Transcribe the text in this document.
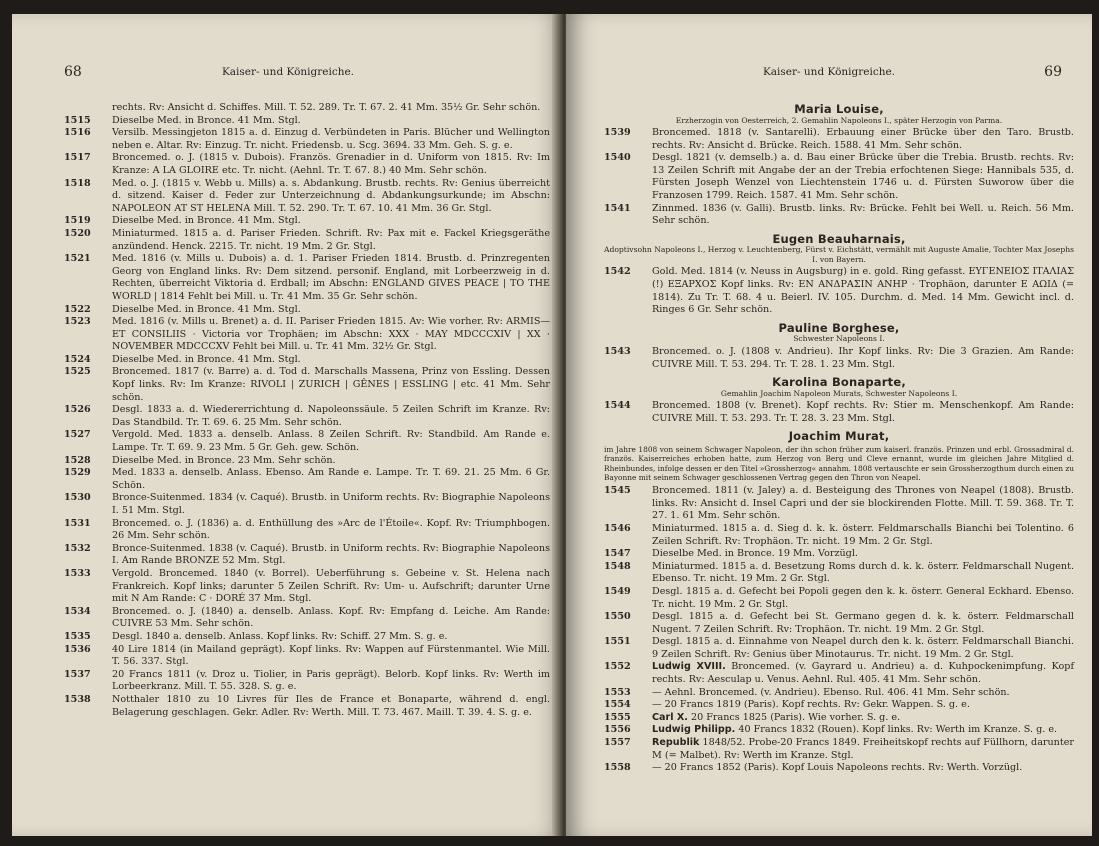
68	Kaiser- und Königreiche.
rechts. Rv: Ansicht d. Schiffes. Mill. T. 52. 289. Tr. T. 67. 2. 41 Mm. 35½ Gr. Sehr schön.
1515	Dieselbe Med. in Bronce. 41 Mm. Stgl.
1516	Versilb. Messingjeton 1815 a. d. Einzug d. Verbündeten in Paris. Blücher und Wellington neben e. Altar. Rv: Einzug. Tr. nicht. Friedensb. u. Scg. 3694. 33 Mm. Geh. S. g. e.
1517	Broncemed. o. J. (1815 v. Dubois). Französ. Grenadier in d. Uniform von 1815. Rv: Im Kranze: A LA GLOIRE etc. Tr. nicht. (Aehnl. Tr. T. 67. 8.) 40 Mm. Sehr schön.
1518	Med. o. J. (1815 v. Webb u. Mills) a. s. Abdankung. Brustb. rechts. Rv: Genius überreicht d. sitzend. Kaiser d. Feder zur Unterzeichnung d. Abdankungsurkunde; im Abschn: NAPOLEON AT ST HELENA Mill. T. 52. 290. Tr. T. 67. 10. 41 Mm. 36 Gr. Stgl.
1519	Dieselbe Med. in Bronce. 41 Mm. Stgl.
1520	Miniaturmed. 1815 a. d. Pariser Frieden. Schrift. Rv: Pax mit e. Fackel Kriegsgeräthe anzündend. Henck. 2215. Tr. nicht. 19 Mm. 2 Gr. Stgl.
1521	Med. 1816 (v. Mills u. Dubois) a. d. 1. Pariser Frieden 1814. Brustb. d. Prinzregenten Georg von England links. Rv: Dem sitzend. personif. England, mit Lorbeerzweig in d. Rechten, überreicht Viktoria d. Erdball; im Abschn: ENGLAND GIVES PEACE | TO THE WORLD | 1814 Fehlt bei Mill. u. Tr. 41 Mm. 35 Gr. Sehr schön.
1522	Dieselbe Med. in Bronce. 41 Mm. Stgl.
1523	Med. 1816 (v. Mills u. Brenet) a. d. II. Pariser Frieden 1815. Av: Wie vorher. Rv: ARMIS—ET CONSILIIS · Victoria vor Trophäen; im Abschn: XXX · MAY MDCCCXIV | XX · NOVEMBER MDCCCXV Fehlt bei Mill. u. Tr. 41 Mm. 32½ Gr. Stgl.
1524	Dieselbe Med. in Bronce. 41 Mm. Stgl.
1525	Broncemed. 1817 (v. Barre) a. d. Tod d. Marschalls Massena, Prinz von Essling. Dessen Kopf links. Rv: Im Kranze: RIVOLI | ZURICH | GÊNES | ESSLING | etc. 41 Mm. Sehr schön.
1526	Desgl. 1833 a. d. Wiedererrichtung d. Napoleonssäule. 5 Zeilen Schrift im Kranze. Rv: Das Standbild. Tr. T. 69. 6. 25 Mm. Sehr schön.
1527	Vergold. Med. 1833 a. denselb. Anlass. 8 Zeilen Schrift. Rv: Standbild. Am Rande e. Lampe. Tr. T. 69. 9. 23 Mm. 5 Gr. Geh. gew. Schön.
1528	Dieselbe Med. in Bronce. 23 Mm. Sehr schön.
1529	Med. 1833 a. denselb. Anlass. Ebenso. Am Rande e. Lampe. Tr. T. 69. 21. 25 Mm. 6 Gr. Schön.
1530	Bronce-Suitenmed. 1834 (v. Caqué). Brustb. in Uniform rechts. Rv: Biographie Napoleons I. 51 Mm. Stgl.
1531	Broncemed. o. J. (1836) a. d. Enthüllung des »Arc de l'Étoile«. Kopf. Rv: Triumphbogen. 26 Mm. Sehr schön.
1532	Bronce-Suitenmed. 1838 (v. Caqué). Brustb. in Uniform rechts. Rv: Biographie Napoleons I. Am Rande BRONZE 52 Mm. Stgl.
1533	Vergold. Broncemed. 1840 (v. Borrel). Ueberführung s. Gebeine v. St. Helena nach Frankreich. Kopf links; darunter 5 Zeilen Schrift. Rv: Um- u. Aufschrift; darunter Urne mit N Am Rande: C · DORÉ 37 Mm. Stgl.
1534	Broncemed. o. J. (1840) a. denselb. Anlass. Kopf. Rv: Empfang d. Leiche. Am Rande: CUIVRE 53 Mm. Sehr schön.
1535	Desgl. 1840 a. denselb. Anlass. Kopf links. Rv: Schiff. 27 Mm. S. g. e.
1536	40 Lire 1814 (in Mailand geprägt). Kopf links. Rv: Wappen auf Fürstenmantel. Wie Mill. T. 56. 337. Stgl.
1537	20 Francs 1811 (v. Droz u. Tiolier, in Paris geprägt). Belorb. Kopf links. Rv: Werth im Lorbeerkranz. Mill. T. 55. 328. S. g. e.
1538	Notthaler 1810 zu 10 Livres für Iles de France et Bonaparte, während d. engl. Belagerung geschlagen. Gekr. Adler. Rv: Werth. Mill. T. 73. 467. Maill. T. 39. 4. S. g. e.
Kaiser- und Königreiche.	69
Maria Louise,
Erzherzogin von Oesterreich, 2. Gemahlin Napoleons I., später Herzogin von Parma.
1539	Broncemed. 1818 (v. Santarelli). Erbauung einer Brücke über den Taro. Brustb. rechts. Rv: Ansicht d. Brücke. Reich. 1588. 41 Mm. Sehr schön.
1540	Desgl. 1821 (v. demselb.) a. d. Bau einer Brücke über die Trebia. Brustb. rechts. Rv: 13 Zeilen Schrift mit Angabe der an der Trebia erfochtenen Siege: Hannibals 535, d. Fürsten Joseph Wenzel von Liechtenstein 1746 u. d. Fürsten Suworow über die Franzosen 1799. Reich. 1587. 41 Mm. Sehr schön.
1541	Zinnmed. 1836 (v. Galli). Brustb. links. Rv: Brücke. Fehlt bei Well. u. Reich. 56 Mm. Sehr schön.
Eugen Beauharnais,
Adoptivsohn Napoleons I., Herzog v. Leuchtenberg, Fürst v. Eichstätt, vermählt mit Auguste Amalie, Tochter Max Josephs I. von Bayern.
1542	Gold. Med. 1814 (v. Neuss in Augsburg) in e. gold. Ring gefasst. ΕΥΓΕΝΕΙΟΣ ΙΤΑΛΙΑΣ (!) ΕΞΑΡΧΟΣ Kopf links. Rv: ΕΝ ΑΝΔΡΑΣΙΝ ΑΝΗΡ · Trophäon, darunter Ε ΑΩΙΔ (= 1814). Zu Tr. T. 68. 4 u. Beierl. IV. 105. Durchm. d. Med. 14 Mm. Gewicht incl. d. Ringes 6 Gr. Sehr schön.
Pauline Borghese,
Schwester Napoleons I.
1543	Broncemed. o. J. (1808 v. Andrieu). Ihr Kopf links. Rv: Die 3 Grazien. Am Rande: CUIVRE Mill. T. 53. 294. Tr. T. 28. 1. 23 Mm. Stgl.
Karolina Bonaparte,
Gemahlin Joachim Napoleon Murats, Schwester Napoleons I.
1544	Broncemed. 1808 (v. Brenet). Kopf rechts. Rv: Stier m. Menschenkopf. Am Rande: CUIVRE Mill. T. 53. 293. Tr. T. 28. 3. 23 Mm. Stgl.
Joachim Murat,
im Jahre 1808 von seinem Schwager Napoleon, der ihn schon früher zum kaiserl. französ. Prinzen und erbl. Grossadmiral d. französ. Kaiserreiches erhoben hatte, zum Herzog von Berg und Cleve ernannt, wurde im gleichen Jahre Mitglied d. Rheinbundes, infolge dessen er den Titel »Grossherzog« annahm. 1808 vertauschte er sein Grossherzogthum durch einen zu Bayonne mit seinem Schwager geschlossenen Vertrag gegen den Thron von Neapel.
1545	Broncemed. 1811 (v. Jaley) a. d. Besteigung des Thrones von Neapel (1808). Brustb. links. Rv: Ansicht d. Insel Capri und der sie blockirenden Flotte. Mill. T. 59. 368. Tr. T. 27. 1. 61 Mm. Sehr schön.
1546	Miniaturmed. 1815 a. d. Sieg d. k. k. österr. Feldmarschalls Bianchi bei Tolentino. 6 Zeilen Schrift. Rv: Trophäon. Tr. nicht. 19 Mm. 2 Gr. Stgl.
1547	Dieselbe Med. in Bronce. 19 Mm. Vorzügl.
1548	Miniaturmed. 1815 a. d. Besetzung Roms durch d. k. k. österr. Feldmarschall Nugent. Ebenso. Tr. nicht. 19 Mm. 2 Gr. Stgl.
1549	Desgl. 1815 a. d. Gefecht bei Popoli gegen den k. k. österr. General Eckhard. Ebenso. Tr. nicht. 19 Mm. 2 Gr. Stgl.
1550	Desgl. 1815 a. d. Gefecht bei St. Germano gegen d. k. k. österr. Feldmarschall Nugent. 7 Zeilen Schrift. Rv: Trophäon. Tr. nicht. 19 Mm. 2 Gr. Stgl.
1551	Desgl. 1815 a. d. Einnahme von Neapel durch den k. k. österr. Feldmarschall Bianchi. 9 Zeilen Schrift. Rv: Genius über Minotaurus. Tr. nicht. 19 Mm. 2 Gr. Stgl.
1552	Ludwig XVIII. Broncemed. (v. Gayrard u. Andrieu) a. d. Kuhpockenimpfung. Kopf rechts. Rv: Aesculap u. Venus. Aehnl. Rul. 405. 41 Mm. Sehr schön.
1553	— Aehnl. Broncemed. (v. Andrieu). Ebenso. Rul. 406. 41 Mm. Sehr schön.
1554	— 20 Francs 1819 (Paris). Kopf rechts. Rv: Gekr. Wappen. S. g. e.
1555	Carl X. 20 Francs 1825 (Paris). Wie vorher. S. g. e.
1556	Ludwig Philipp. 40 Francs 1832 (Rouen). Kopf links. Rv: Werth im Kranze. S. g. e.
1557	Republik 1848/52. Probe-20 Francs 1849. Freiheitskopf rechts auf Füllhorn, darunter M (= Malbet). Rv: Werth im Kranze. Stgl.
1558	— 20 Francs 1852 (Paris). Kopf Louis Napoleons rechts. Rv: Werth. Vorzügl.
